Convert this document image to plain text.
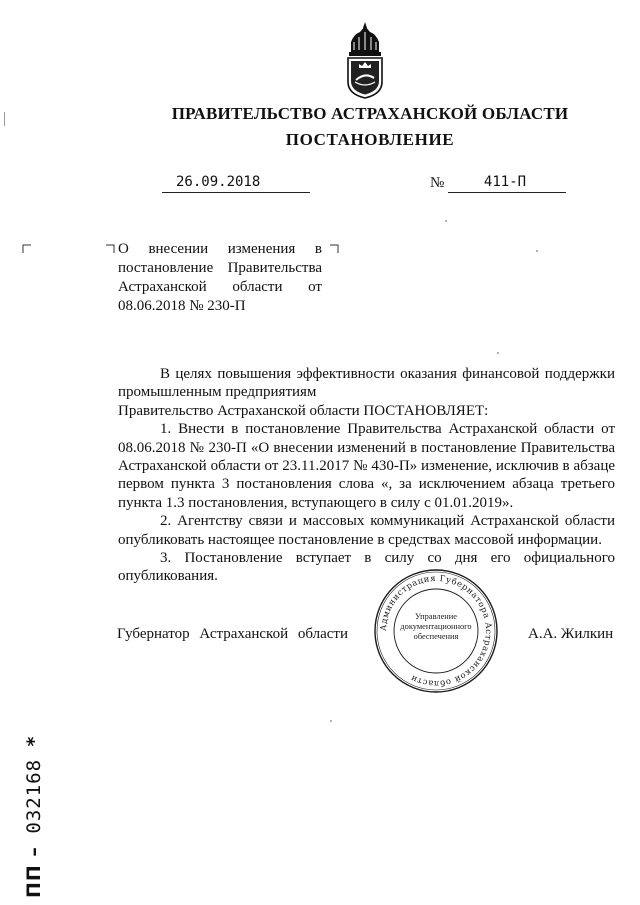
ПРАВИТЕЛЬСТВО АСТРАХАНСКОЙ ОБЛАСТИ
ПОСТАНОВЛЕНИЕ
26.09.2018	№	411-П
О внесении изменения в постановление Правительства Астраханской области от 08.06.2018 № 230-П

В целях повышения эффективности оказания финансовой поддержки промышленным предприятиям

Правительство Астраханской области ПОСТАНОВЛЯЕТ:

1. Внести в постановление Правительства Астраханской области от 08.06.2018 № 230-П «О внесении изменений в постановление Правительства Астраханской области от 23.11.2017 № 430-П» изменение, исключив в абзаце первом пункта 3 постановления слова «, за исключением абзаца третьего пункта 1.3 постановления, вступающего в силу с 01.01.2019».

2. Агентству связи и массовых коммуникаций Астраханской области опубликовать настоящее постановление в средствах массовой информации.

3. Постановление вступает в силу со дня его официального опубликования.

Губернатор Астраханской области	А.А. Жилкин
Администрация Губернатора Астраханской области
Управление документационного обеспечения
ПП – 032168 *
